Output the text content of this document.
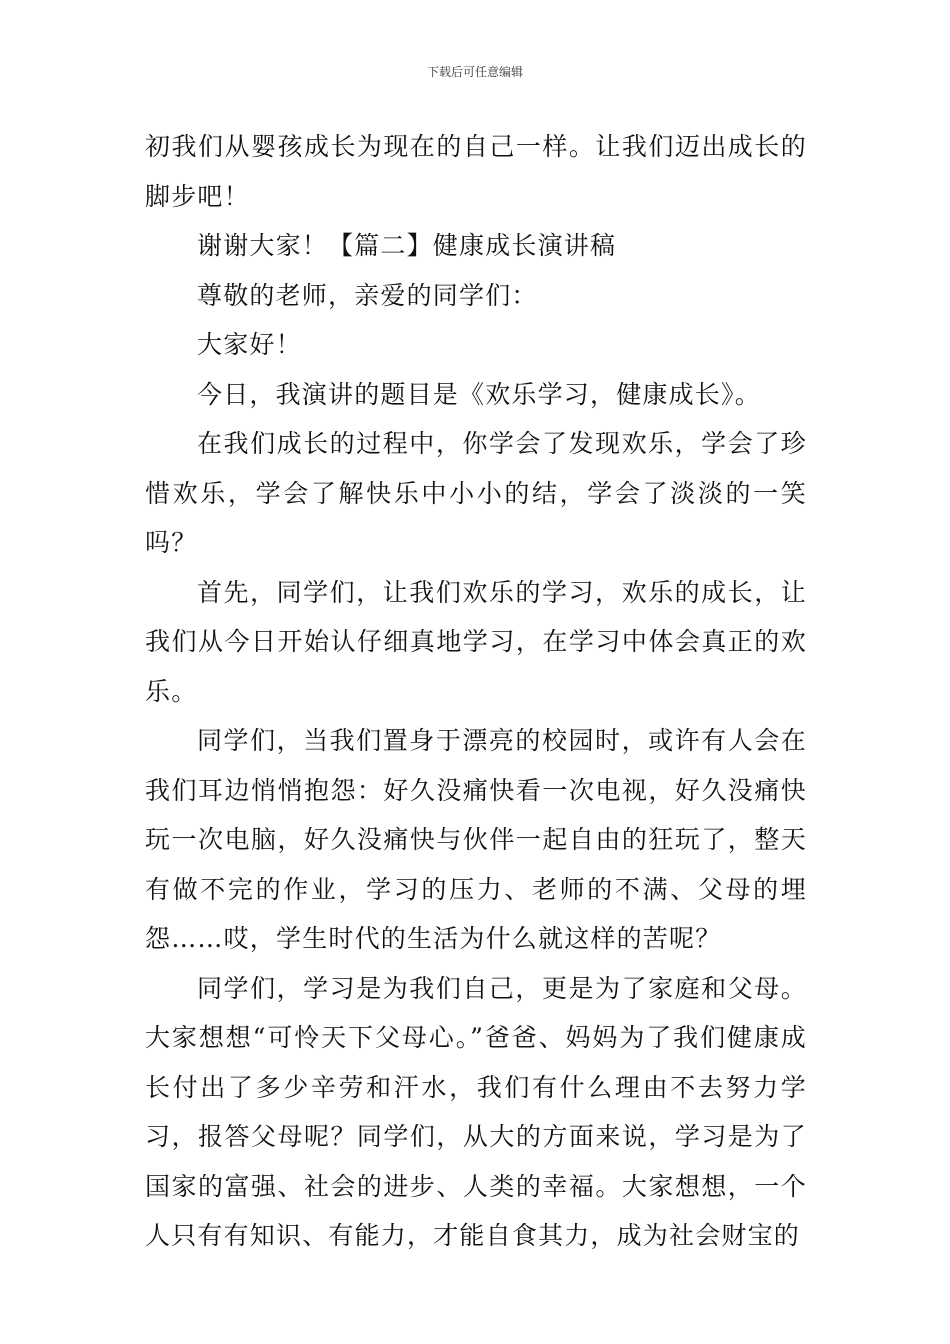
下载后可任意编辑

初我们从婴孩成长为现在的自己一样。让我们迈出成长的脚步吧！

谢谢大家！【篇二】健康成长演讲稿

尊敬的老师，亲爱的同学们：

大家好！

今日，我演讲的题目是《欢乐学习，健康成长》。

在我们成长的过程中，你学会了发现欢乐，学会了珍惜欢乐，学会了解快乐中小小的结，学会了淡淡的一笑吗？

首先，同学们，让我们欢乐的学习，欢乐的成长，让我们从今日开始认仔细真地学习，在学习中体会真正的欢乐。

同学们，当我们置身于漂亮的校园时，或许有人会在我们耳边悄悄抱怨：好久没痛快看一次电视，好久没痛快玩一次电脑，好久没痛快与伙伴一起自由的狂玩了，整天有做不完的作业，学习的压力、老师的不满、父母的埋怨……哎，学生时代的生活为什么就这样的苦呢？

同学们，学习是为我们自己，更是为了家庭和父母。大家想想“可怜天下父母心。”爸爸、妈妈为了我们健康成长付出了多少辛劳和汗水，我们有什么理由不去努力学习，报答父母呢？同学们，从大的方面来说，学习是为了国家的富强、社会的进步、人类的幸福。大家想想，一个人只有有知识、有能力，才能自食其力，成为社会财宝的
